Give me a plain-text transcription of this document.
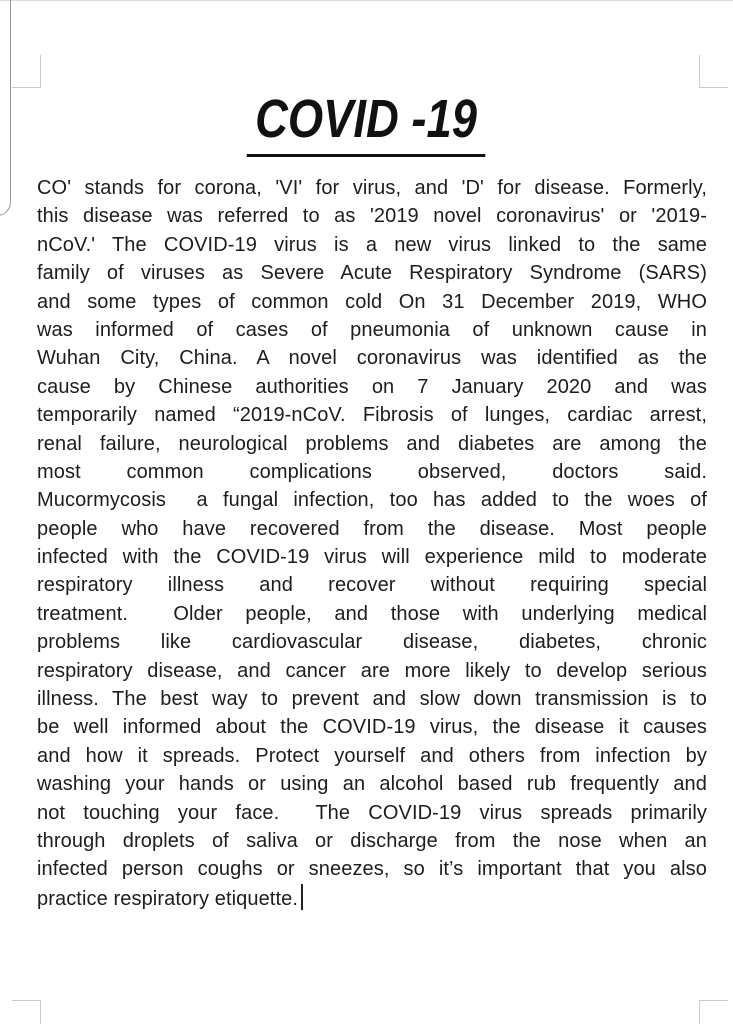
COVID -19
CO' stands for corona, 'VI' for virus, and 'D' for disease. Formerly,
this disease was referred to as '2019 novel coronavirus' or '2019-
nCoV.' The COVID-19 virus is a new virus linked to the same
family of viruses as Severe Acute Respiratory Syndrome (SARS)
and some types of common cold On 31 December 2019, WHO
was informed of cases of pneumonia of unknown cause in
Wuhan City, China. A novel coronavirus was identified as the
cause by Chinese authorities on 7 January 2020 and was
temporarily named “2019-nCoV. Fibrosis of lunges, cardiac arrest,
renal failure, neurological problems and diabetes are among the
most common complications observed, doctors said.
Mucormycosis  a fungal infection, too has added to the woes of
people who have recovered from the disease. Most people
infected with the COVID-19 virus will experience mild to moderate
respiratory illness and recover without requiring special
treatment.  Older people, and those with underlying medical
problems like cardiovascular disease, diabetes, chronic
respiratory disease, and cancer are more likely to develop serious
illness. The best way to prevent and slow down transmission is to
be well informed about the COVID-19 virus, the disease it causes
and how it spreads. Protect yourself and others from infection by
washing your hands or using an alcohol based rub frequently and
not touching your face.  The COVID-19 virus spreads primarily
through droplets of saliva or discharge from the nose when an
infected person coughs or sneezes, so it’s important that you also
practice respiratory etiquette.
